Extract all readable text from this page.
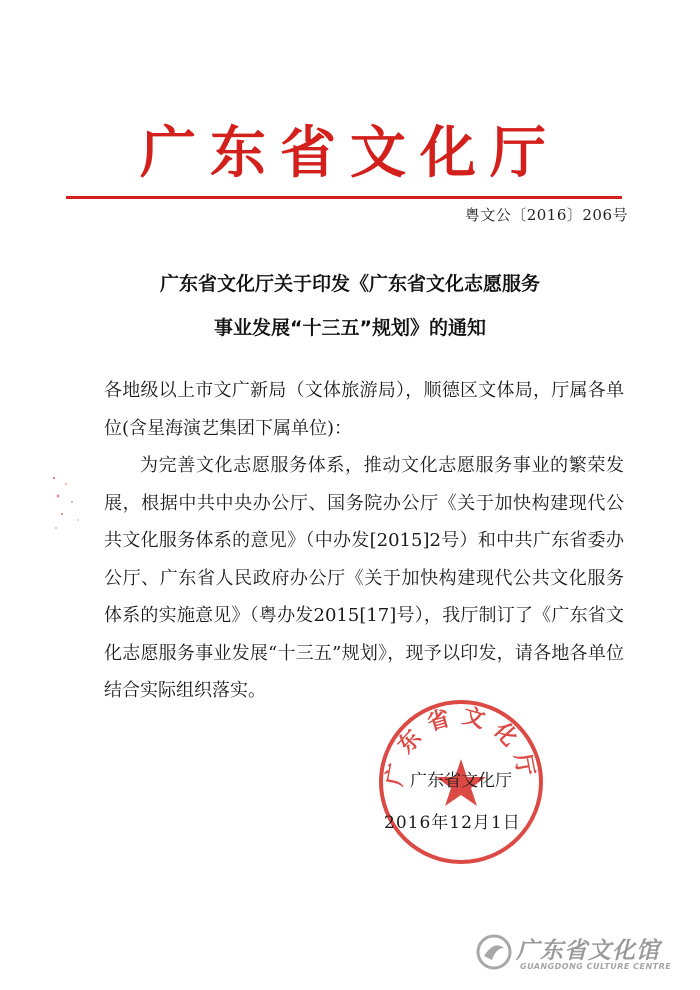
广东省文化厅
粤文公〔2016〕206号
广东省文化厅关于印发《广东省文化志愿服务
事业发展“十三五”规划》的通知

各地级以上市文广新局（文体旅游局），顺德区文体局，厅属各单位(含星海演艺集团下属单位)：

为完善文化志愿服务体系，推动文化志愿服务事业的繁荣发展，根据中共中央办公厅、国务院办公厅《关于加快构建现代公共文化服务体系的意见》（中办发[2015]2号）和中共广东省委办公厅、广东省人民政府办公厅《关于加快构建现代公共文化服务体系的实施意见》（粤办发2015[17]号），我厅制订了《广东省文化志愿服务事业发展“十三五”规划》，现予以印发，请各地各单位结合实际组织落实。

广东省文化厅
广东省文化厅
2016年12月1日
广东省文化馆
GUANGDONG CULTURE CENTRE
